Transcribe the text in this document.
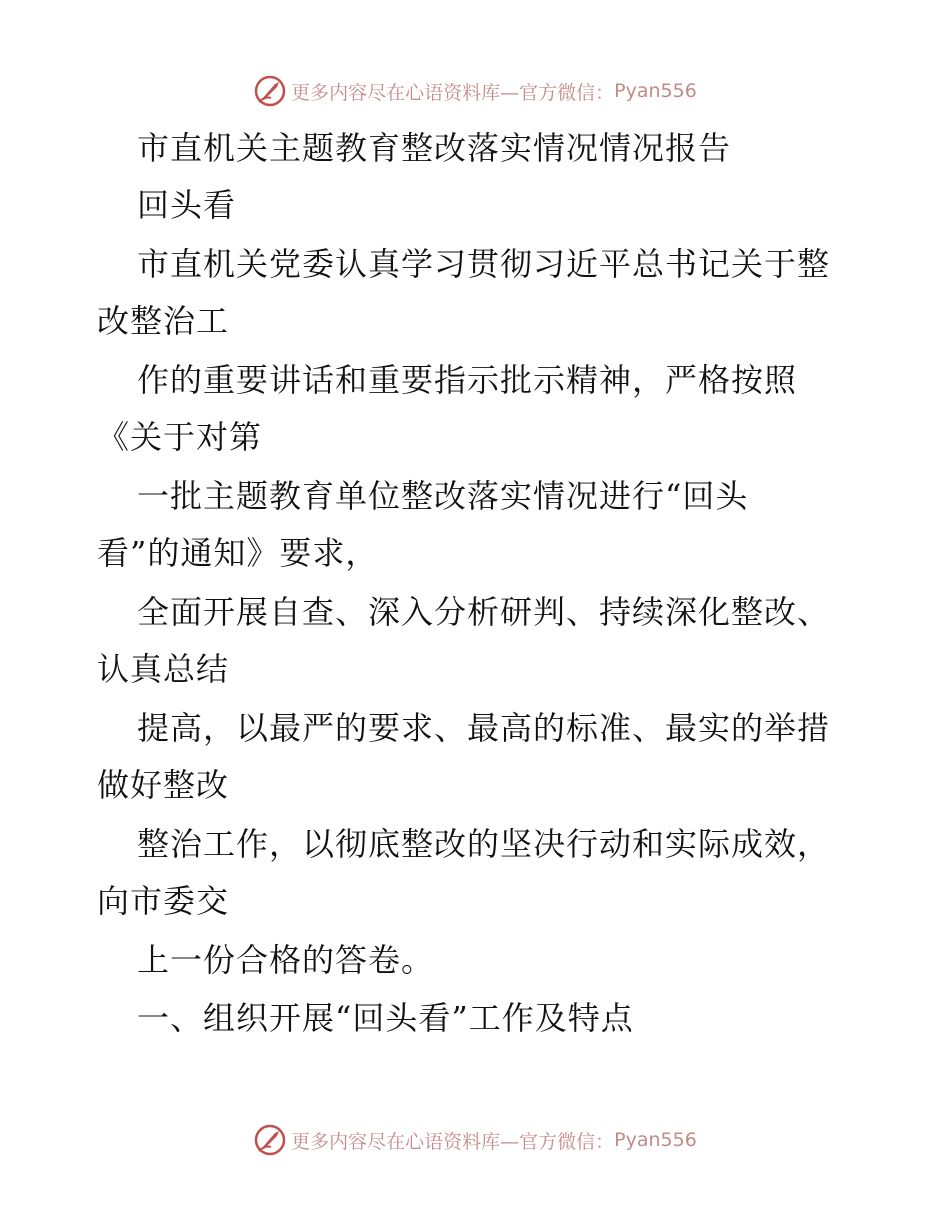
更多内容尽在心语资料库—官方微信： Pyan556
市直机关主题教育整改落实情况情况报告
回头看
市直机关党委认真学习贯彻习近平总书记关于整
改整治工
作的重要讲话和重要指示批示精神，严格按照
《关于对第
一批主题教育单位整改落实情况进行“回头
看”的通知》要求，
全面开展自查、深入分析研判、持续深化整改、
认真总结
提高，以最严的要求、最高的标准、最实的举措
做好整改
整治工作，以彻底整改的坚决行动和实际成效，
向市委交
上一份合格的答卷。
一、组织开展“回头看”工作及特点
更多内容尽在心语资料库—官方微信： Pyan556
